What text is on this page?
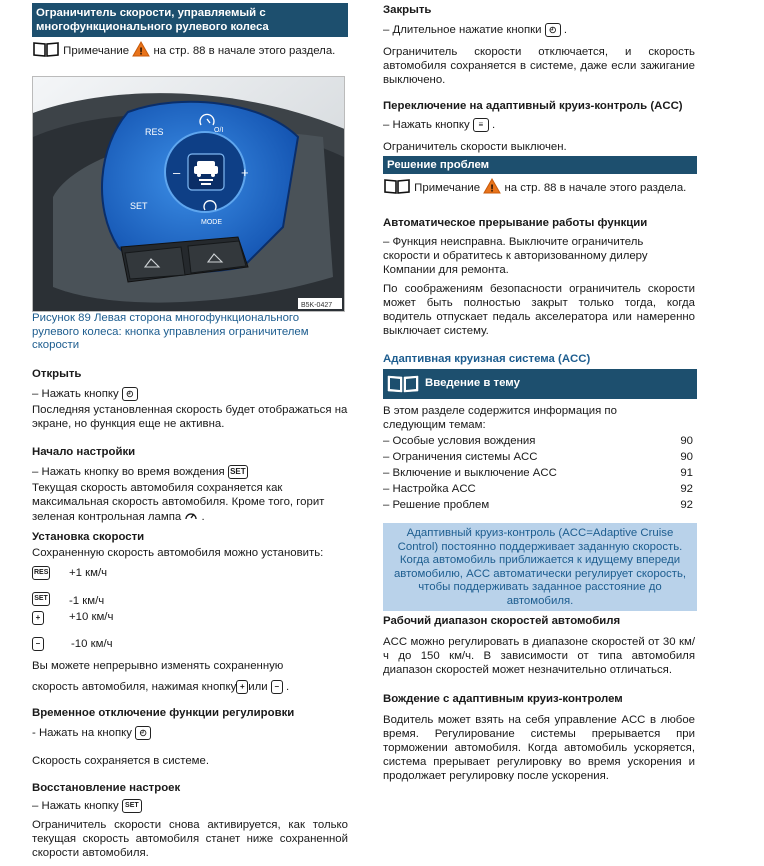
Ограничитель скорости, управляемый с многофункционального рулевого колеса
Примечание ! на стр. 88 в начале этого раздела.
–	+
RES
SET
MODE
O/I
B5K-0427

Рисунок 89 Левая сторона многофункционального рулевого колеса: кнопка управления ограничителем скорости

Открыть

– Нажать кнопку ◴

Последняя установленная скорость будет отображаться на экране, но функция еще не активна.

Начало настройки

– Нажать кнопку во время вождения SET

Текущая скорость автомобиля сохраняется как максимальная скорость автомобиля. Кроме того, горит зеленая контрольная лампа  .

Установка скорости

Сохраненную скорость автомобиля можно установить:

RES +1 км/ч
SET -1 км/ч
+	+10 км/ч
–	-10 км/ч

Вы можете непрерывно изменять сохраненную

скорость автомобиля, нажимая кнопку + или – .

Временное отключение функции регулировки

- Нажать на кнопку ◴

Скорость сохраняется в системе.

Восстановление настроек

– Нажать кнопку SET

Ограничитель скорости снова активируется, как только текущая скорость автомобиля станет ниже сохраненной скорости автомобиля.

Закрыть

– Длительное нажатие кнопки ◴ .

Ограничитель скорости отключается, и скорость автомобиля сохраняется в системе, даже если зажигание выключено.

Переключение на адаптивный круиз-контроль (ACC)

– Нажать кнопку ≡ .

Ограничитель скорости выключен.

Решение проблем
Примечание ! на стр. 88 в начале этого раздела.

Автоматическое прерывание работы функции

– Функция неисправна. Выключите ограничитель скорости и обратитесь к авторизованному дилеру Компании для ремонта.

По соображениям безопасности ограничитель скорости может быть полностью закрыт только тогда, когда водитель отпускает педаль акселератора или намеренно выключает систему.

Адаптивная круизная система (ACC)

Введение в тему

В этом разделе содержится информация по следующим темам:

– Особые условия вождения	90
– Ограничения системы ACC	90
– Включение и выключение ACC	91
– Настройка ACC	92
– Решение проблем	92
Адаптивный круиз-контроль (ACC=Adaptive Cruise Control) постоянно поддерживает заданную скорость. Когда автомобиль приближается к идущему впереди автомобилю, ACC автоматически регулирует скорость, чтобы поддерживать заданное расстояние до автомобиля.

Рабочий диапазон скоростей автомобиля

ACC можно регулировать в диапазоне скоростей от 30 км/ч до 150 км/ч. В зависимости от типа автомобиля диапазон скоростей может незначительно отличаться.

Вождение с адаптивным круиз-контролем

Водитель может взять на себя управление ACC в любое время. Регулирование системы прерывается при торможении автомобиля. Когда автомобиль ускоряется, система прерывает регулировку во время ускорения и продолжает регулировку после ускорения.
